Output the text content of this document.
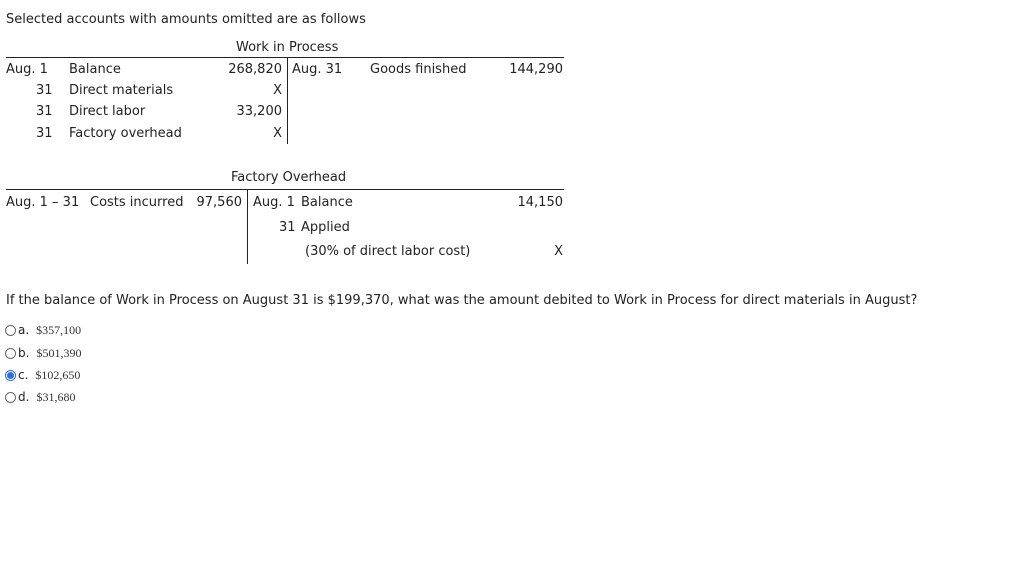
Selected accounts with amounts omitted are as follows
Work in Process
Aug. 1 Balance	268,820
31 Direct materials	X
31 Direct labor	33,200
31 Factory overhead	X
Aug. 31 Goods finished	144,290
Factory Overhead
Aug. 1 – 31 Costs incurred	97,560 Aug. 1 Balance	14,150
31 Applied
(30% of direct labor cost)	X
If the balance of Work in Process on August 31 is $199,370, what was the amount debited to Work in Process for direct materials in August?
a. $357,100
b. $501,390
c. $102,650
d. $31,680
